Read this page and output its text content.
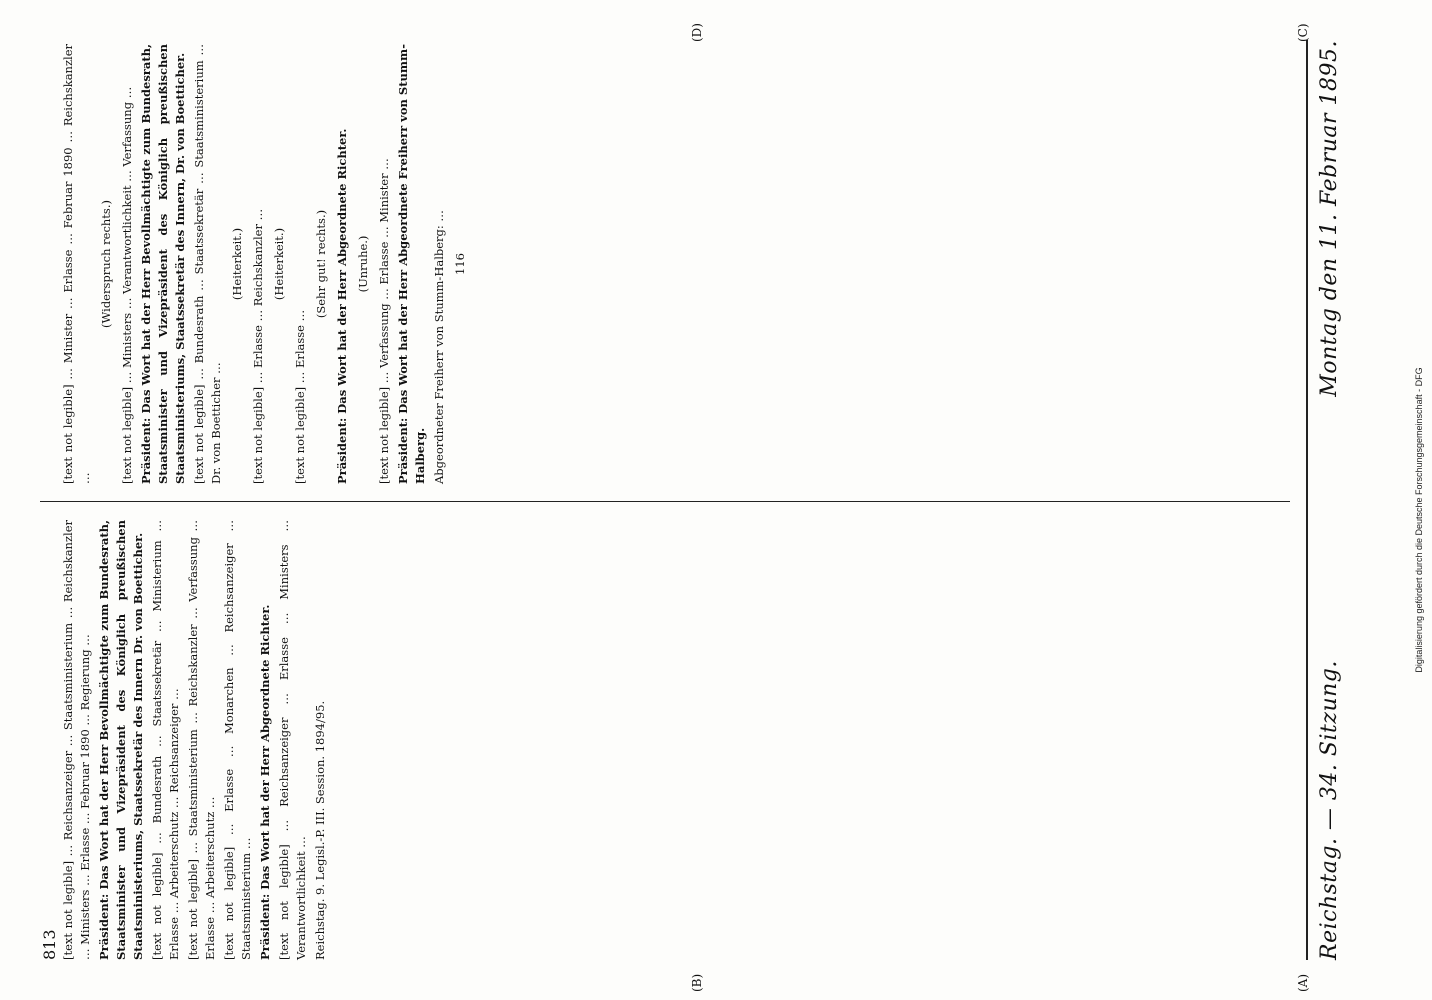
Reichstag. — 34. Sitzung.
Montag den 11. Februar 1895.
(A)
(B)
(C)
(D)
813 [text not legible] … Reichsanzeiger … Staatsministerium … Reichskanzler … Ministers … Erlasse … Februar 1890 … Regierung … Präsident: Das Wort hat der Herr Bevollmächtigte zum Bundesrath, Staatsminister und Vizepräsident des Königlich preußischen Staatsministeriums, Staatssekretär des Innern Dr. von Boetticher. [text not legible] … Bundesrath … Staatssekretär … Ministerium … Erlasse … Arbeiterschutz … Reichsanzeiger … [text not legible] … Staatsministerium … Reichskanzler … Verfassung … Erlasse … Arbeiterschutz … [text not legible] … Erlasse … Monarchen … Reichsanzeiger … Staatsministerium … Präsident: Das Wort hat der Herr Abgeordnete Richter. [text not legible] … Reichsanzeiger … Erlasse … Ministers … Verantwortlichkeit … Reichstag. 9. Legisl.-P. III. Session. 1894/95.

[text not legible] … Minister … Erlasse … Februar 1890 … Reichskanzler …

(Widerspruch rechts.) [text not legible] … Ministers … Verantwortlichkeit … Verfassung … Präsident: Das Wort hat der Herr Bevollmächtigte zum Bundesrath, Staatsminister und Vizepräsident des Königlich preußischen Staatsministeriums, Staatssekretär des Innern, Dr. von Boetticher. [text not legible] … Bundesrath … Staatssekretär … Staatsministerium … Dr. von Boetticher …

(Heiterkeit.) [text not legible] … Erlasse … Reichskanzler … (Heiterkeit.)

[text not legible] … Erlasse …

(Sehr gut! rechts.) Präsident: Das Wort hat der Herr Abgeordnete Richter. (Unruhe.) [text not legible] … Verfassung … Erlasse … Minister … Präsident: Das Wort hat der Herr Abgeordnete Freiherr von Stumm-Halberg. Abgeordneter Freiherr von Stumm-Halberg: … 116

Digitalisierung gefördert durch die Deutsche Forschungsgemeinschaft - DFG
